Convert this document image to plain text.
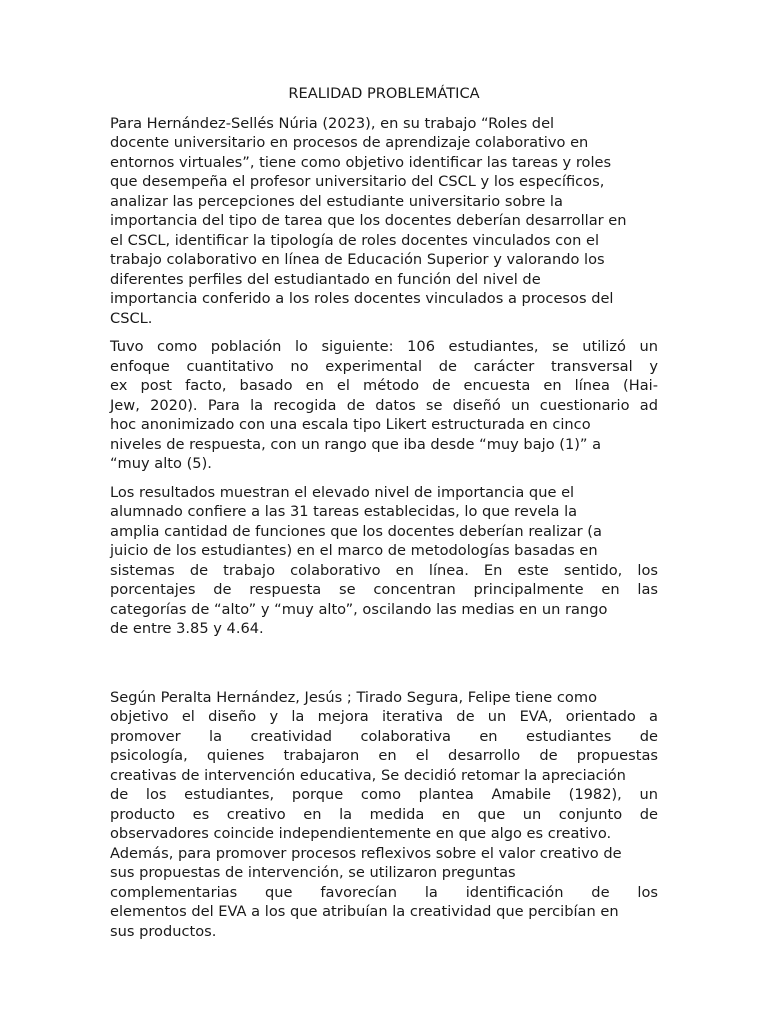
REALIDAD PROBLEMÁTICA
Para Hernández-Sellés Núria (2023), en su trabajo “Roles del
docente universitario en procesos de aprendizaje colaborativo en
entornos virtuales”, tiene como objetivo identificar las tareas y roles
que desempeña el profesor universitario del CSCL y los específicos,
analizar las percepciones del estudiante universitario sobre la
importancia del tipo de tarea que los docentes deberían desarrollar en
el CSCL, identificar la tipología de roles docentes vinculados con el
trabajo colaborativo en línea de Educación Superior y valorando los
diferentes perfiles del estudiantado en función del nivel de
importancia conferido a los roles docentes vinculados a procesos del
CSCL.
Tuvo como población lo siguiente: 106 estudiantes, se utilizó un
enfoque cuantitativo no experimental de carácter transversal y
ex post facto, basado en el método de encuesta en línea (Hai-
Jew, 2020). Para la recogida de datos se diseñó un cuestionario ad
hoc anonimizado con una escala tipo Likert estructurada en cinco
niveles de respuesta, con un rango que iba desde “muy bajo (1)” a
“muy alto (5).
Los resultados muestran el elevado nivel de importancia que el
alumnado confiere a las 31 tareas establecidas, lo que revela la
amplia cantidad de funciones que los docentes deberían realizar (a
juicio de los estudiantes) en el marco de metodologías basadas en
sistemas de trabajo colaborativo en línea. En este sentido, los
porcentajes de respuesta se concentran principalmente en las
categorías de “alto” y “muy alto”, oscilando las medias en un rango
de entre 3.85 y 4.64.
Según Peralta Hernández, Jesús ; Tirado Segura, Felipe tiene como
objetivo el diseño y la mejora iterativa de un EVA, orientado a
promover la creatividad colaborativa en estudiantes de
psicología, quienes trabajaron en el desarrollo de propuestas
creativas de intervención educativa, Se decidió retomar la apreciación
de los estudiantes, porque como plantea Amabile (1982), un
producto es creativo en la medida en que un conjunto de
observadores coincide independientemente en que algo es creativo.
Además, para promover procesos reflexivos sobre el valor creativo de
sus propuestas de intervención, se utilizaron preguntas
complementarias que favorecían la identificación de los
elementos del EVA a los que atribuían la creatividad que percibían en
sus productos.
